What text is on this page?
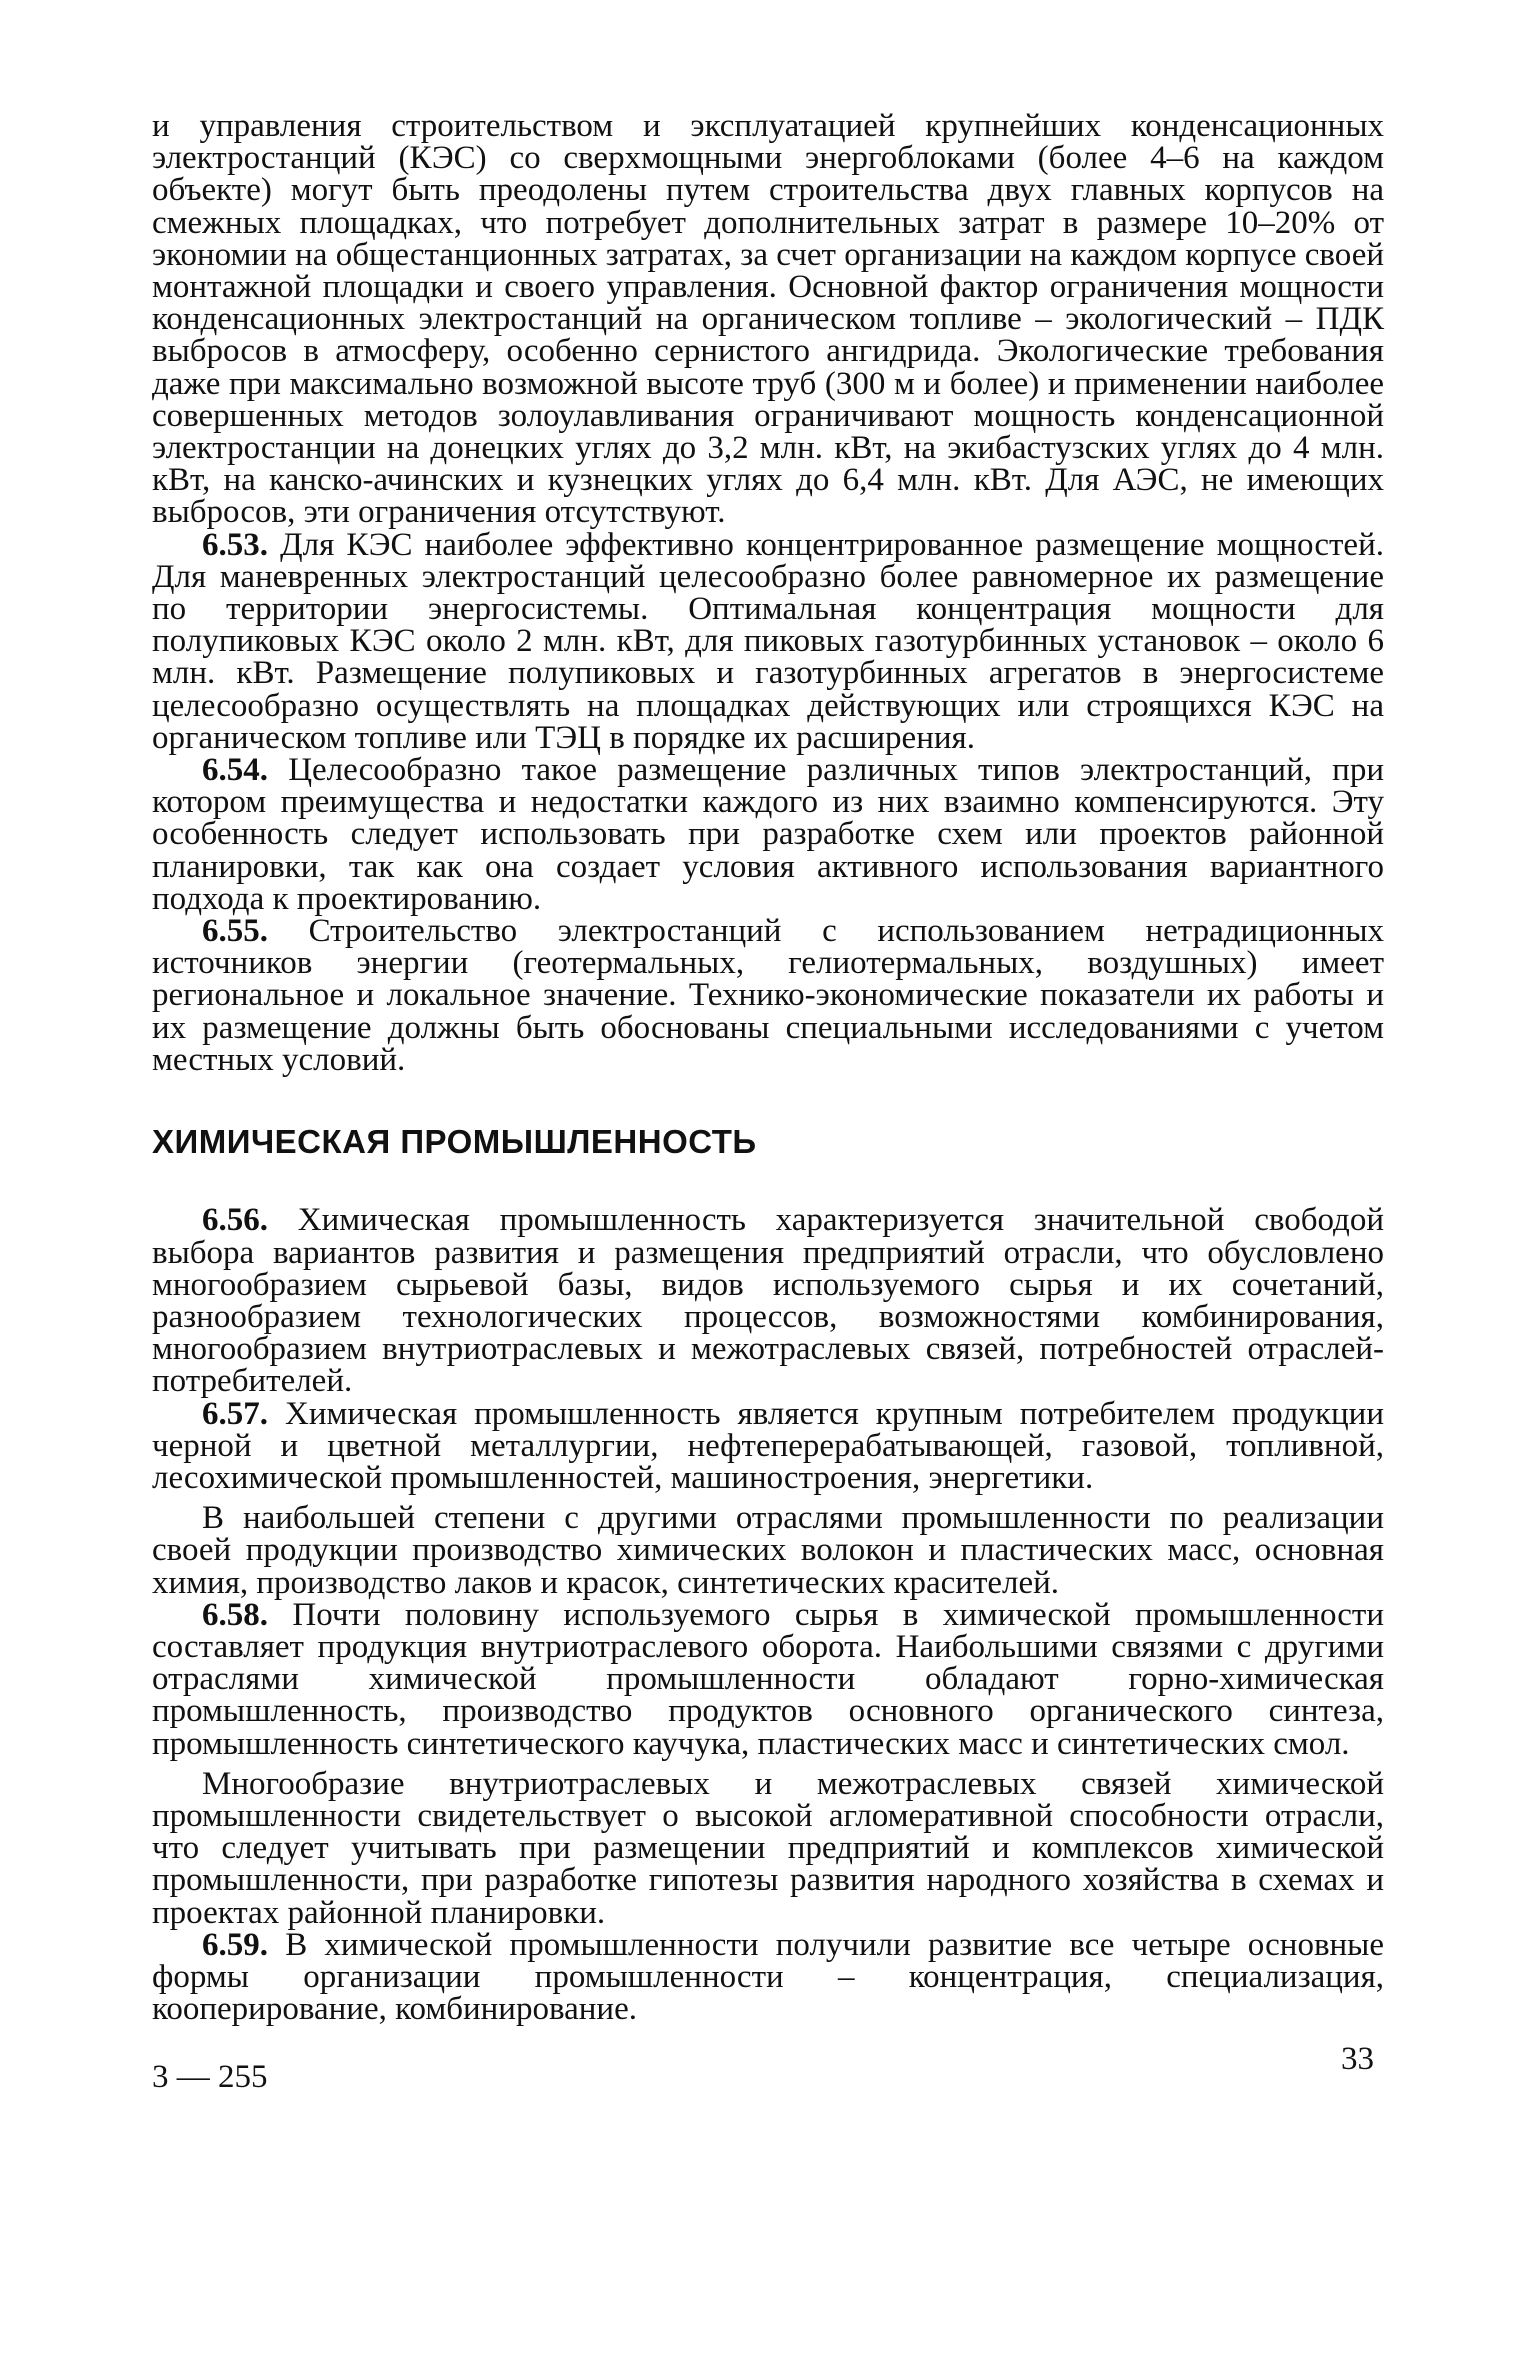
и управления строительством и эксплуатацией крупнейших конденсационных электростанций (КЭС) со сверхмощными энергоблоками (более 4–6 на каждом объекте) могут быть преодолены путем строительства двух главных корпусов на смежных площадках, что потребует дополнительных затрат в размере 10–20% от экономии на общестанционных затратах, за счет организации на каждом корпусе своей монтажной площадки и своего управления. Основной фактор ограничения мощности конденсационных электростанций на органическом топливе – экологический – ПДК выбросов в атмосферу, особенно сернистого ангидрида. Экологические требования даже при максимально возможной высоте труб (300 м и более) и применении наиболее совершенных методов золоулавливания ограничивают мощность конденсационной электростанции на донецких углях до 3,2 млн. кВт, на экибастузских углях до 4 млн. кВт, на канско-ачинских и кузнецких углях до 6,4 млн. кВт. Для АЭС, не имеющих выбросов, эти ограничения отсутствуют.

6.53. Для КЭС наиболее эффективно концентрированное размещение мощностей. Для маневренных электростанций целесообразно более равномерное их размещение по территории энергосистемы. Оптимальная концентрация мощности для полупиковых КЭС около 2 млн. кВт, для пиковых газотурбинных установок – около 6 млн. кВт. Размещение полупиковых и газотурбинных агрегатов в энергосистеме целесообразно осуществлять на площадках действующих или строящихся КЭС на органическом топливе или ТЭЦ в порядке их расширения.

6.54. Целесообразно такое размещение различных типов электростанций, при котором преимущества и недостатки каждого из них взаимно компенсируются. Эту особенность следует использовать при разработке схем или проектов районной планировки, так как она создает условия активного использования вариантного подхода к проектированию.

6.55. Строительство электростанций с использованием нетрадиционных источников энергии (геотермальных, гелиотермальных, воздушных) имеет региональное и локальное значение. Технико-экономические показатели их работы и их размещение должны быть обоснованы специальными исследованиями с учетом местных условий.

ХИМИЧЕСКАЯ ПРОМЫШЛЕННОСТЬ

6.56. Химическая промышленность характеризуется значительной свободой выбора вариантов развития и размещения предприятий отрасли, что обусловлено многообразием сырьевой базы, видов используемого сырья и их сочетаний, разнообразием технологических процессов, возможностями комбинирования, многообразием внутриотраслевых и межотраслевых связей, потребностей отраслей-потребителей.

6.57. Химическая промышленность является крупным потребителем продукции черной и цветной металлургии, нефтеперерабатывающей, газовой, топливной, лесохимической промышленностей, машиностроения, энергетики.

В наибольшей степени с другими отраслями промышленности по реализации своей продукции производство химических волокон и пластических масс, основная химия, производство лаков и красок, синтетических красителей.

6.58. Почти половину используемого сырья в химической промышленности составляет продукция внутриотраслевого оборота. Наибольшими связями с другими отраслями химической промышленности обладают горно-химическая промышленность, производство продуктов основного органического синтеза, промышленность синтетического каучука, пластических масс и синтетических смол.

Многообразие внутриотраслевых и межотраслевых связей химической промышленности свидетельствует о высокой агломеративной способности отрасли, что следует учитывать при размещении предприятий и комплексов химической промышленности, при разработке гипотезы развития народного хозяйства в схемах и проектах районной планировки.

6.59. В химической промышленности получили развитие все четыре основные формы организации промышленности – концентрация, специализация, кооперирование, комбинирование.

3 — 255	33
